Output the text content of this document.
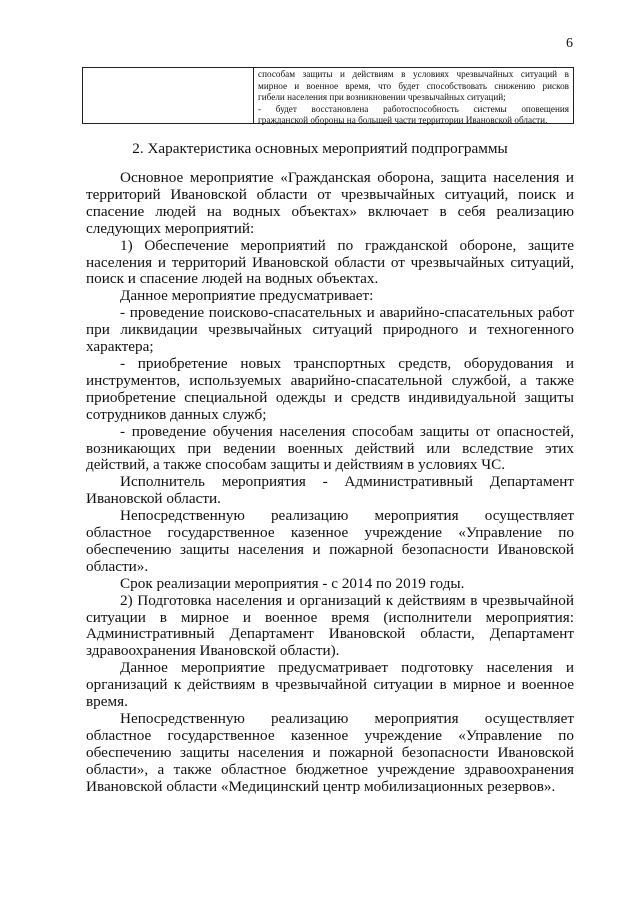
6
способам защиты и действиям в условиях чрезвычайных ситуаций в
мирное и военное время, что будет способствовать снижению рисков
гибели населения при возникновении чрезвычайных ситуаций;
- будет восстановлена работоспособность системы оповещения
гражданской обороны на большей части территории Ивановской области.
2. Характеристика основных мероприятий подпрограммы

Основное мероприятие «Гражданская оборона, защита населения и территорий Ивановской области от чрезвычайных ситуаций, поиск и спасение людей на водных объектах» включает в себя реализацию следующих мероприятий:

1) Обеспечение мероприятий по гражданской обороне, защите населения и территорий Ивановской области от чрезвычайных ситуаций, поиск и спасение людей на водных объектах.

Данное мероприятие предусматривает:

- проведение поисково-спасательных и аварийно-спасательных работ при ликвидации чрезвычайных ситуаций природного и техногенного характера;

- приобретение новых транспортных средств, оборудования и инструментов, используемых аварийно-спасательной службой, а также приобретение специальной одежды и средств индивидуальной защиты сотрудников данных служб;

- проведение обучения населения способам защиты от опасностей, возникающих при ведении военных действий или вследствие этих действий, а также способам защиты и действиям в условиях ЧС.

Исполнитель мероприятия - Административный Департамент Ивановской области.

Непосредственную реализацию мероприятия осуществляет областное государственное казенное учреждение «Управление по обеспечению защиты населения и пожарной безопасности Ивановской области».

Срок реализации мероприятия - с 2014 по 2019 годы.

2) Подготовка населения и организаций к действиям в чрезвычайной ситуации в мирное и военное время (исполнители мероприятия: Административный Департамент Ивановской области, Департамент здравоохранения Ивановской области).

Данное мероприятие предусматривает подготовку населения и организаций к действиям в чрезвычайной ситуации в мирное и военное время.

Непосредственную реализацию мероприятия осуществляет областное государственное казенное учреждение «Управление по обеспечению защиты населения и пожарной безопасности Ивановской области», а также областное бюджетное учреждение здравоохранения Ивановской области «Медицинский центр мобилизационных резервов».
